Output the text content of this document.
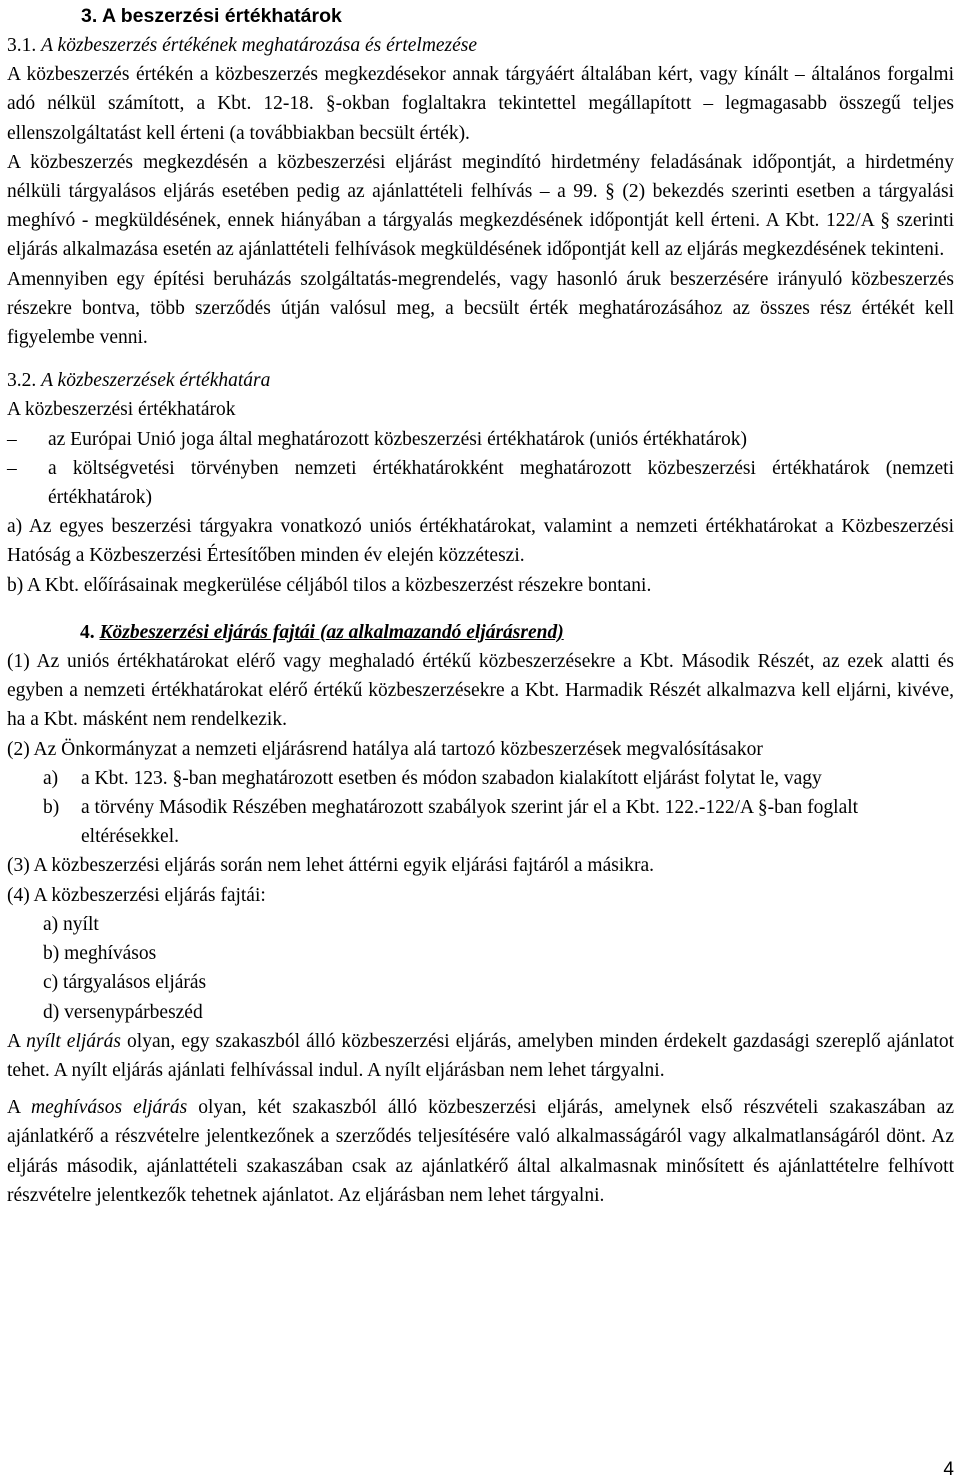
3. A beszerzési értékhatárok
3.1. A közbeszerzés értékének meghatározása és értelmezése

A közbeszerzés értékén a közbeszerzés megkezdésekor annak tárgyáért általában kért, vagy kínált – általános forgalmi adó nélkül számított, a Kbt. 12-18. §-okban foglaltakra tekintettel megállapított – legmagasabb összegű teljes ellenszolgáltatást kell érteni (a továbbiakban becsült érték).

A közbeszerzés megkezdésén a közbeszerzési eljárást megindító hirdetmény feladásának időpontját, a hirdetmény nélküli tárgyalásos eljárás esetében pedig az ajánlattételi felhívás – a 99. § (2) bekezdés szerinti esetben a tárgyalási meghívó - megküldésének, ennek hiányában a tárgyalás megkezdésének időpontját kell érteni. A Kbt. 122/A § szerinti eljárás alkalmazása esetén az ajánlattételi felhívások megküldésének időpontját kell az eljárás megkezdésének tekinteni.

Amennyiben egy építési beruházás szolgáltatás-megrendelés, vagy hasonló áruk beszerzésére irányuló közbeszerzés részekre bontva, több szerződés útján valósul meg, a becsült érték meghatározásához az összes rész értékét kell figyelembe venni.

3.2. A közbeszerzések értékhatára

A közbeszerzési értékhatárok

–	az Európai Unió joga által meghatározott közbeszerzési értékhatárok (uniós értékhatárok)
–	a költségvetési törvényben nemzeti értékhatárokként meghatározott közbeszerzési értékhatárok (nemzeti értékhatárok)

a) Az egyes beszerzési tárgyakra vonatkozó uniós értékhatárokat, valamint a nemzeti értékhatárokat a Közbeszerzési Hatóság a Közbeszerzési Értesítőben minden év elején közzéteszi.

b) A Kbt. előírásainak megkerülése céljából tilos a közbeszerzést részekre bontani.

4. Közbeszerzési eljárás fajtái (az alkalmazandó eljárásrend)

(1) Az uniós értékhatárokat elérő vagy meghaladó értékű közbeszerzésekre a Kbt. Második Részét, az ezek alatti és egyben a nemzeti értékhatárokat elérő értékű közbeszerzésekre a Kbt. Harmadik Részét alkalmazva kell eljárni, kivéve, ha a Kbt. másként nem rendelkezik.

(2) Az Önkormányzat a nemzeti eljárásrend hatálya alá tartozó közbeszerzések megvalósításakor

a)	a Kbt. 123. §-ban meghatározott esetben és módon szabadon kialakított eljárást folytat le, vagy
b)	a törvény Második Részében meghatározott szabályok szerint jár el a Kbt. 122.-122/A §-ban foglalt eltérésekkel.

(3) A közbeszerzési eljárás során nem lehet áttérni egyik eljárási fajtáról a másikra.

(4) A közbeszerzési eljárás fajtái:

a) nyílt
b) meghívásos
c) tárgyalásos eljárás
d) versenypárbeszéd

A nyílt eljárás olyan, egy szakaszból álló közbeszerzési eljárás, amelyben minden érdekelt gazdasági szereplő ajánlatot tehet. A nyílt eljárás ajánlati felhívással indul. A nyílt eljárásban nem lehet tárgyalni.

A meghívásos eljárás olyan, két szakaszból álló közbeszerzési eljárás, amelynek első részvételi szakaszában az ajánlatkérő a részvételre jelentkezőnek a szerződés teljesítésére való alkalmasságáról vagy alkalmatlanságáról dönt. Az eljárás második, ajánlattételi szakaszában csak az ajánlatkérő által alkalmasnak minősített és ajánlattételre felhívott részvételre jelentkezők tehetnek ajánlatot. Az eljárásban nem lehet tárgyalni.

4
